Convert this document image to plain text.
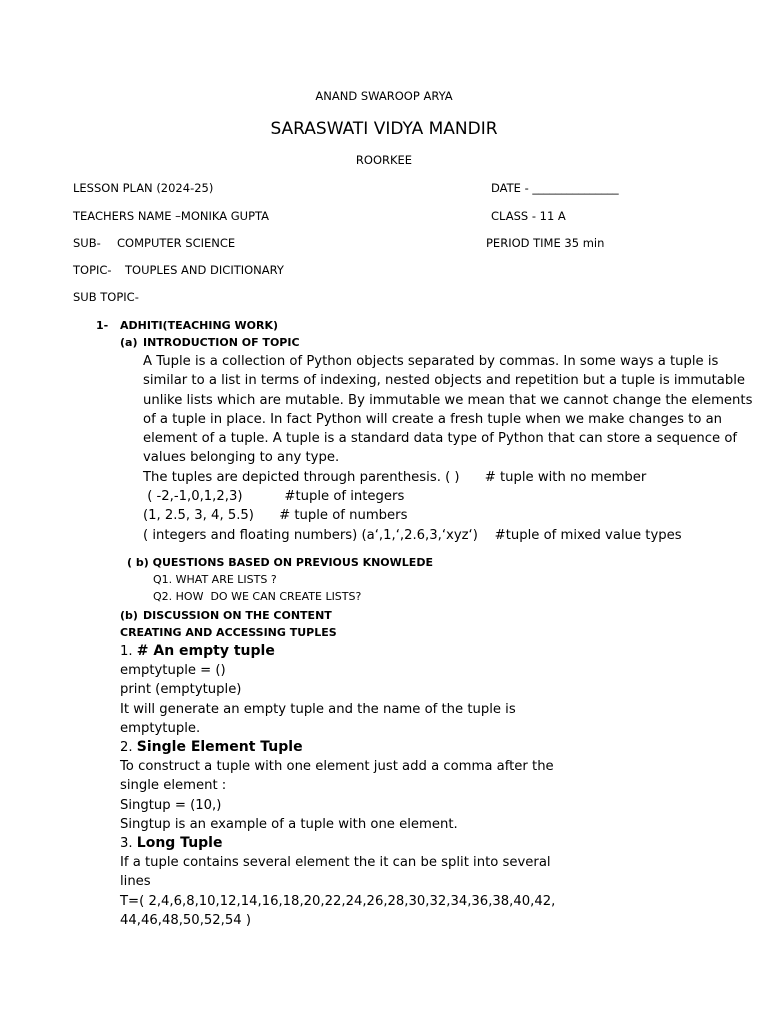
ANAND SWAROOP ARYA
SARASWATI VIDYA MANDIR
ROORKEE
LESSON PLAN (2024-25)	DATE - _______________
TEACHERS NAME –MONIKA GUPTA	CLASS - 11 A
SUB- COMPUTER SCIENCE	PERIOD TIME 35 min
TOPIC- TOUPLES AND DICITIONARY
SUB TOPIC-
1- ADHITI(TEACHING WORK)
(a) INTRODUCTION OF TOPIC
A Tuple is a collection of Python objects separated by commas. In some ways a tuple is
similar to a list in terms of indexing, nested objects and repetition but a tuple is immutable
unlike lists which are mutable. By immutable we mean that we cannot change the elements
of a tuple in place. In fact Python will create a fresh tuple when we make changes to an
element of a tuple. A tuple is a standard data type of Python that can store a sequence of
values belonging to any type.
The tuples are depicted through parenthesis. ( )      # tuple with no member
( -2,-1,0,1,2,3)          #tuple of integers
(1, 2.5, 3, 4, 5.5)      # tuple of numbers
( integers and floating numbers) (a‘,1,‘,2.6,3,‘xyz‘)    #tuple of mixed value types
( b) QUESTIONS BASED ON PREVIOUS KNOWLEDE
Q1. WHAT ARE LISTS ?
Q2. HOW  DO WE CAN CREATE LISTS?
(b) DISCUSSION ON THE CONTENT
CREATING AND ACCESSING TUPLES
1. # An empty tuple
emptytuple = ()
print (emptytuple)
It will generate an empty tuple and the name of the tuple is
emptytuple.
2. Single Element Tuple
To construct a tuple with one element just add a comma after the
single element :
Singtup = (10,)
Singtup is an example of a tuple with one element.
3. Long Tuple
If a tuple contains several element the it can be split into several
lines
T=( 2,4,6,8,10,12,14,16,18,20,22,24,26,28,30,32,34,36,38,40,42,
44,46,48,50,52,54 )
